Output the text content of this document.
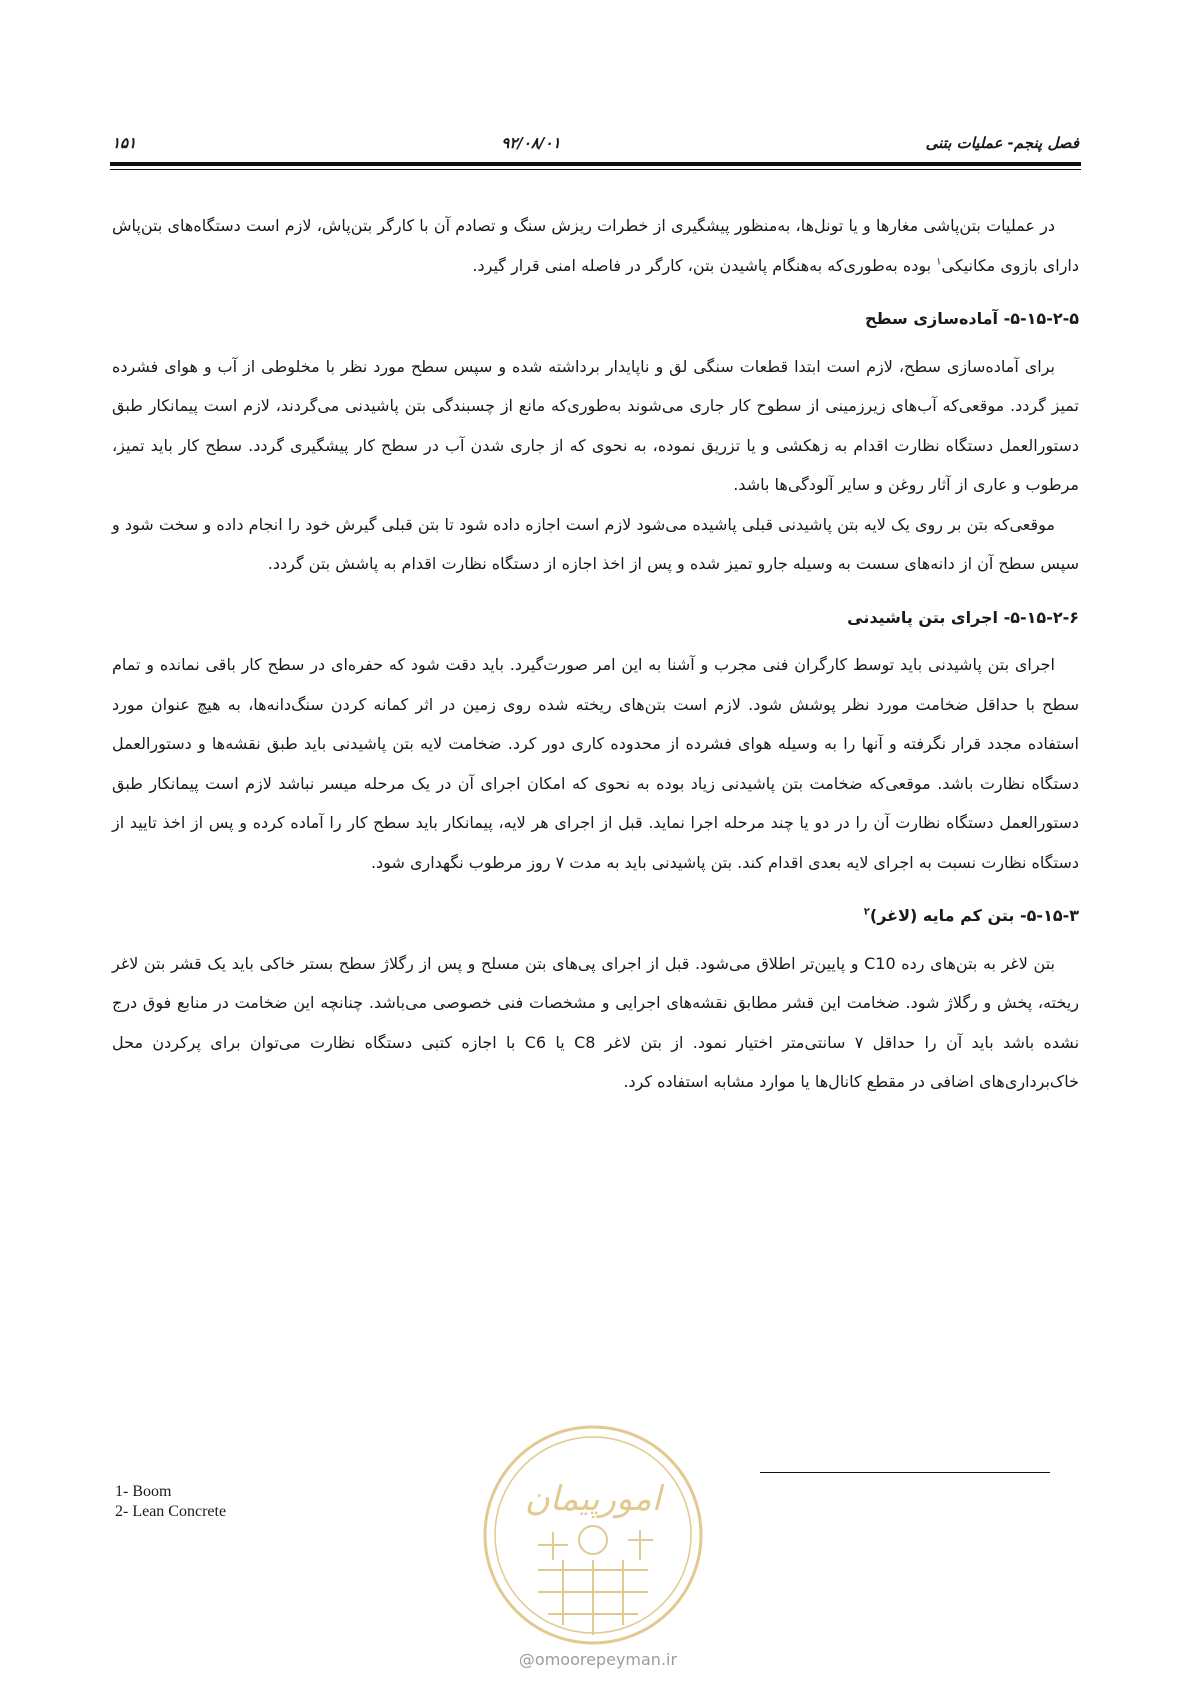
فصل پنجم- عملیات بتنی
۹۲/۰۸/۰۱
۱۵۱

در عملیات بتن‌پاشی مغارها و یا تونل‌ها، به‌منظور پیشگیری از خطرات ریزش سنگ و تصادم آن با کارگر بتن‌پاش، لازم است دستگاه‌های بتن‌پاش دارای بازوی مکانیکی$^۱$ بوده به‌طوری‌که به‌هنگام پاشیدن بتن، کارگر در فاصله امنی قرار گیرد.

۵-۱۵-۲-۵- آماده‌سازی سطح

برای آماده‌سازی سطح، لازم است ابتدا قطعات سنگی لق و ناپایدار برداشته شده و سپس سطح مورد نظر با مخلوطی از آب و هوای فشرده تمیز گردد. موقعی‌که آب‌های زیرزمینی از سطوح کار جاری می‌شوند به‌طوری‌که مانع از چسبندگی بتن پاشیدنی می‌گردند، لازم است پیمانکار طبق دستورالعمل دستگاه نظارت اقدام به زهکشی و یا تزریق نموده، به نحوی که از جاری شدن آب در سطح کار پیشگیری گردد. سطح کار باید تمیز، مرطوب و عاری از آثار روغن و سایر آلودگی‌ها باشد.

موقعی‌که بتن بر روی یک لایه بتن پاشیدنی قبلی پاشیده می‌شود لازم است اجازه داده شود تا بتن قبلی گیرش خود را انجام داده و سخت شود و سپس سطح آن از دانه‌های سست به وسیله جارو تمیز شده و پس از اخذ اجازه از دستگاه نظارت اقدام به پاشش بتن گردد.

۵-۱۵-۲-۶- اجرای بتن پاشیدنی

اجرای بتن پاشیدنی باید توسط کارگران فنی مجرب و آشنا به این امر صورت‌گیرد. باید دقت شود که حفره‌ای در سطح کار باقی نمانده و تمام سطح با حداقل ضخامت مورد نظر پوشش شود. لازم است بتن‌های ریخته شده روی زمین در اثر کمانه کردن سنگ‌دانه‌ها، به هیچ عنوان مورد استفاده مجدد قرار نگرفته و آنها را به وسیله هوای فشرده از محدوده کاری دور کرد. ضخامت لایه بتن پاشیدنی باید طبق نقشه‌ها و دستورالعمل دستگاه نظارت باشد. موقعی‌که ضخامت بتن پاشیدنی زیاد بوده به نحوی که امکان اجرای آن در یک مرحله میسر نباشد لازم است پیمانکار طبق دستورالعمل دستگاه نظارت آن را در دو یا چند مرحله اجرا نماید. قبل از اجرای هر لایه، پیمانکار باید سطح کار را آماده کرده و پس از اخذ تایید از دستگاه نظارت نسبت به اجرای لایه بعدی اقدام کند. بتن پاشیدنی باید به مدت ۷ روز مرطوب نگهداری شود.

۵-۱۵-۳- بتن کم مایه (لاغر)$^۲$

بتن لاغر به بتن‌های رده C10 و پایین‌تر اطلاق می‌شود. قبل از اجرای پی‌های بتن مسلح و پس از رگلاژ سطح بستر خاکی باید یک قشر بتن لاغر ریخته، پخش و رگلاژ شود. ضخامت این قشر مطابق نقشه‌های اجرایی و مشخصات فنی خصوصی می‌باشد. چنانچه این ضخامت در منابع فوق درج نشده باشد باید آن را حداقل ۷ سانتی‌متر اختیار نمود. از بتن لاغر C8 یا C6 با اجازه کتبی دستگاه نظارت می‌توان برای پرکردن محل خاک‌برداری‌های اضافی در مقطع کانال‌ها یا موارد مشابه استفاده کرد.

امورپیمان
@omoorepeyman.ir
1- Boom
2- Lean Concrete
